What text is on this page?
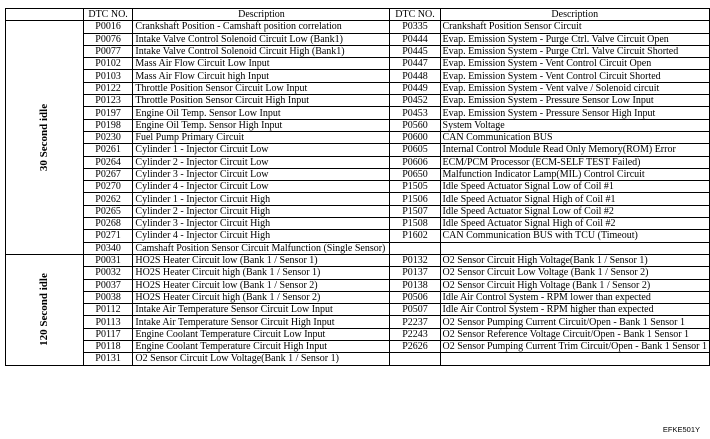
	DTC NO.	Description	DTC NO.	Description
30 Second idle	P0016	Crankshaft Position - Camshaft position correlation	P0335	Crankshaft Position Sensor Circuit
	P0076	Intake Valve Control Solenoid Circuit Low (Bank1)	P0444	Evap. Emission System - Purge Ctrl. Valve Circuit Open
	P0077	Intake Valve Control Solenoid Circuit High (Bank1)	P0445	Evap. Emission System - Purge Ctrl. Valve Circuit Shorted
	P0102	Mass Air Flow Circuit Low Input	P0447	Evap. Emission System - Vent Control Circuit Open
	P0103	Mass Air Flow Circuit high Input	P0448	Evap. Emission System - Vent Control Circuit Shorted
	P0122	Throttle Position Sensor Circuit Low Input	P0449	Evap. Emission System - Vent valve / Solenoid circuit
	P0123	Throttle Position Sensor Circuit High Input	P0452	Evap. Emission System - Pressure Sensor Low Input
	P0197	Engine Oil Temp. Sensor Low Input	P0453	Evap. Emission System - Pressure Sensor High Input
	P0198	Engine Oil Temp. Sensor High Input	P0560	System Voltage
	P0230	Fuel Pump Primary Circuit	P0600	CAN Communication BUS
	P0261	Cylinder 1 - Injector Circuit Low	P0605	Internal Control Module Read Only Memory(ROM) Error
	P0264	Cylinder 2 - Injector Circuit Low	P0606	ECM/PCM Processor (ECM-SELF TEST Failed)
	P0267	Cylinder 3 - Injector Circuit Low	P0650	Malfunction Indicator Lamp(MIL) Control Circuit
	P0270	Cylinder 4 - Injector Circuit Low	P1505	Idle Speed Actuator Signal Low of Coil #1
	P0262	Cylinder 1 - Injector Circuit High	P1506	Idle Speed Actuator Signal High of Coil #1
	P0265	Cylinder 2 - Injector Circuit High	P1507	Idle Speed Actuator Signal Low of Coil #2
	P0268	Cylinder 3 - Injector Circuit High	P1508	Idle Speed Actuator Signal High of Coil #2
	P0271	Cylinder 4 - Injector Circuit High	P1602	CAN Communication BUS with TCU (Timeout)
	P0340	Camshaft Position Sensor Circuit Malfunction (Single Sensor)		
120 Second idle	P0031	HO2S Heater Circuit low (Bank 1 / Sensor 1)	P0132	O2 Sensor Circuit High Voltage(Bank 1 / Sensor 1)
	P0032	HO2S Heater Circuit high (Bank 1 / Sensor 1)	P0137	O2 Sensor Circuit Low Voltage (Bank 1 / Sensor 2)
	P0037	HO2S Heater Circuit low (Bank 1 / Sensor 2)	P0138	O2 Sensor Circuit High Voltage (Bank 1 / Sensor 2)
	P0038	HO2S Heater Circuit high (Bank 1 / Sensor 2)	P0506	Idle Air Control System - RPM lower than expected
	P0112	Intake Air Temperature Sensor Circuit Low Input	P0507	Idle Air Control System - RPM higher than expected
	P0113	Intake Air Temperature Sensor Circuit High Input	P2237	O2 Sensor Pumping Current Circuit/Open - Bank 1 Sensor 1
	P0117	Engine Coolant Temperature Circuit Low Input	P2243	O2 Sensor Reference Voltage Circuit/Open - Bank 1 Sensor 1
	P0118	Engine Coolant Temperature Circuit High Input	P2626	O2 Sensor Pumping Current Trim Circuit/Open - Bank 1 Sensor 1
	P0131	O2 Sensor Circuit Low Voltage(Bank 1 / Sensor 1)		
EFKE501Y
